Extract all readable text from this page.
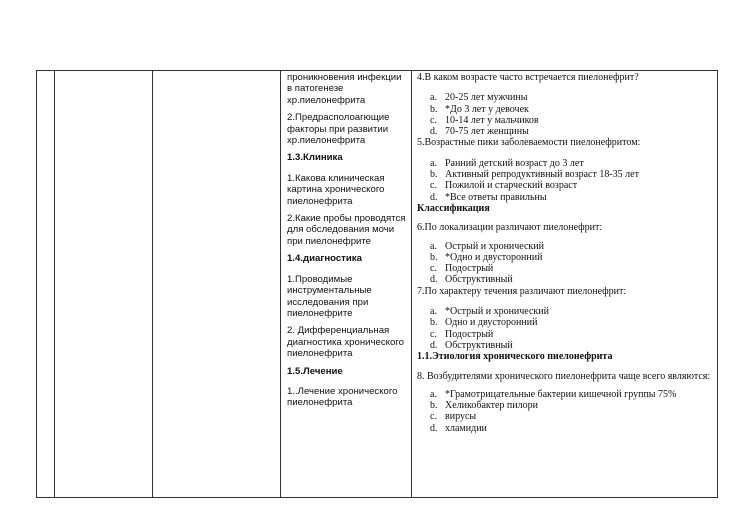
проникновения инфекции в патогенезе хр.пиелонефрита

2.Предрасполоагющие факторы при развитии хр.пиелонефрита

1.3.Клиника

1.Какова клиническая картина хронического пиелонефрита

2.Какие пробы проводятся для обследования мочи при пиелонефрите

1.4.диагностика

1.Проводимые инструментальные исследования при пиелонефрите

2. Дифференциальная диагностика хронического пиелонефрита

1.5.Лечение

1..Лечение хронического пиелонефрита

4.В каком возрасте часто встречается пиелонефрит?

a. 20-25 лет мужчины
b. *До 3 лет у девочек
c. 10-14 лет у мальчиков
d. 70-75 лет женщины

5.Возрастные пики заболеваемости пиелонефритом:

a. Ранний детский возраст до 3 лет
b. Активный репродуктивный возраст 18-35 лет
c. Пожилой и старческий возраст
d. *Все ответы правильны

Классификация

6.По локализации различают пиелонефрит:

a. Острый и хронический
b. *Одно и двусторонний
c. Подострый
d. Обструктивный

7.По характеру течения различают пиелонефрит:

a. *Острый и хронический
b. Одно и двусторонний
c. Подострый
d. Обструктивный

1.1.Этиология хронического пиелонефрита

8. Возбудителями хронического пиелонефрита чаще всего являются:

a. *Грамотрицательные бактерии кишечной группы 75%
b. Хеликобактер пилори
c. вирусы
d. хламидии
